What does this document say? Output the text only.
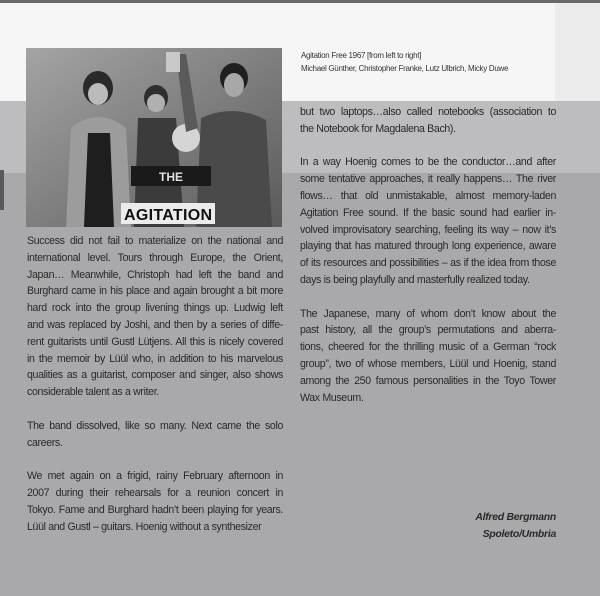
THE
AGITATION
Agitation Free 1967 [from left to right]
Michael Günther, Christopher Franke, Lutz Ulbrich, Micky Duwe
Success did not fail to materialize on the national and
international level. Tours through Europe, the Orient,
Japan… Meanwhile, Christoph had left the band and
Burghard came in his place and again brought a bit more
hard rock into the group livening things up. Ludwig left
and was replaced by Joshi, and then by a series of diffe-
rent guitarists until Gustl Lütjens. All this is nicely covered
in the memoir by Lüül who, in addition to his marvelous
qualities as a guitarist, composer and singer, also shows
considerable talent as a writer.
The band dissolved, like so many. Next came the solo
careers.
We met again on a frigid, rainy February afternoon in
2007 during their rehearsals for a reunion concert in
Tokyo. Fame and Burghard hadn’t been playing for years.
Lüül and Gustl – guitars. Hoenig without a synthesizer
but two laptops…also called notebooks (association to
the Notebook for Magdalena Bach).
In a way Hoenig comes to be the conductor…and after
some tentative approaches, it really happens… The river
flows… that old unmistakable, almost memory-laden
Agitation Free sound. If the basic sound had earlier in-
volved improvisatory searching, feeling its way – now it’s
playing that has matured through long experience, aware
of its resources and possibilities – as if the idea from those
days is being playfully and masterfully realized today.
The Japanese, many of whom don’t know about the
past history, all the group’s permutations and aberra-
tions, cheered for the thrilling music of a German “rock
group”, two of whose members, Lüül und Hoenig, stand
among the 250 famous personalities in the Toyo Tower
Wax Museum.
Alfred Bergmann
Spoleto/Umbria
